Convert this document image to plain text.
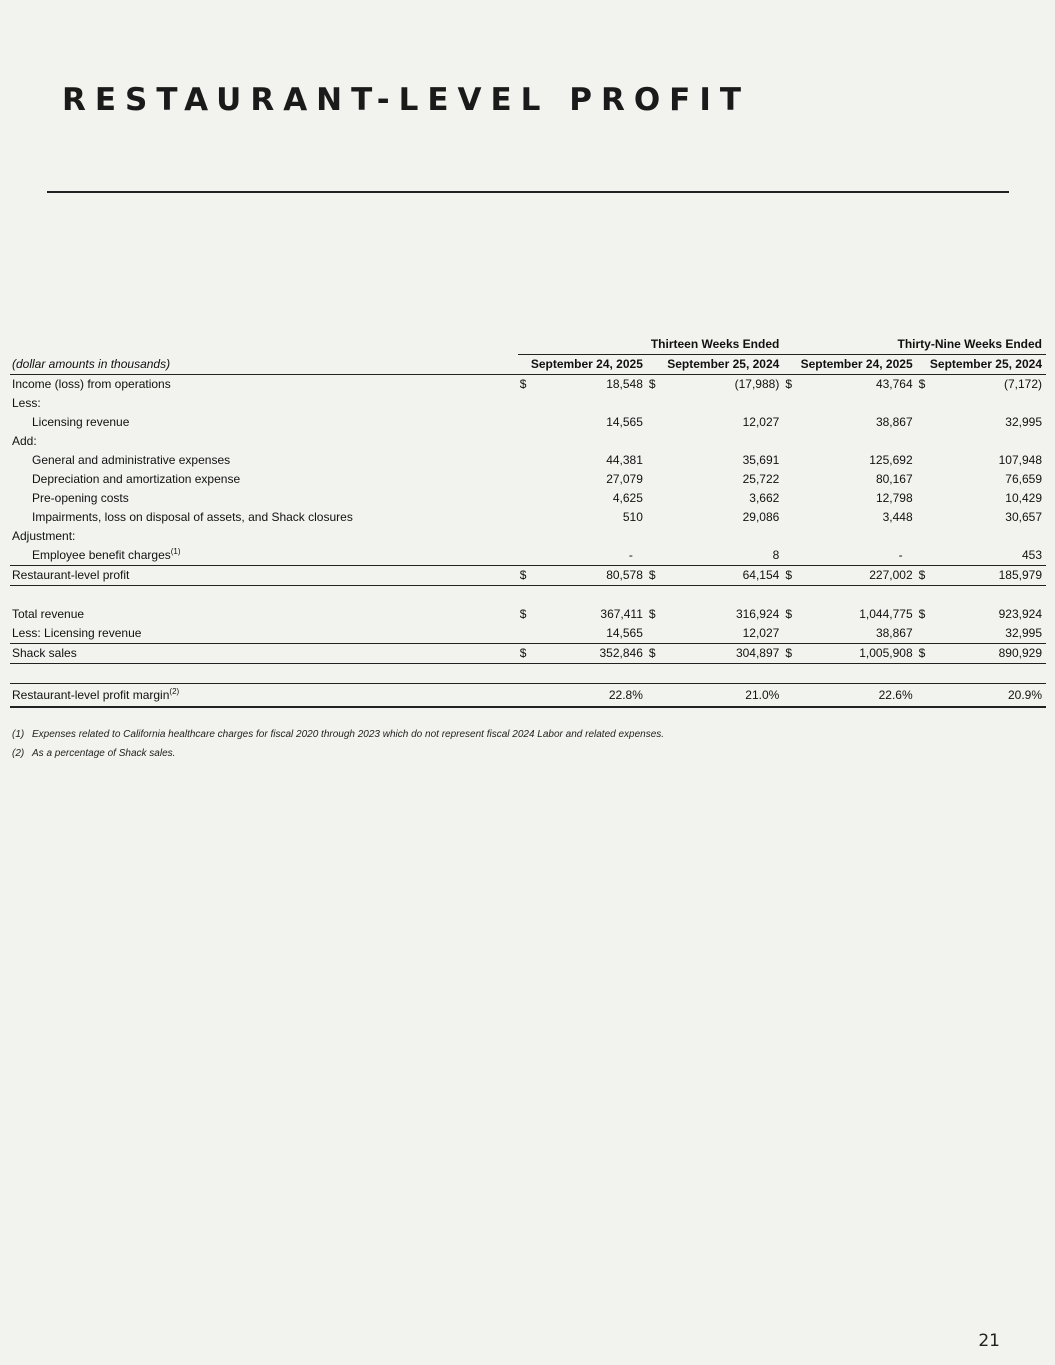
RESTAURANT-LEVEL PROFIT
	Thirteen Weeks Ended				Thirty-Nine Weeks Ended			
(dollar amounts in thousands)	September 24, 2025		September 25, 2024		September 24, 2025		September 25, 2024	
Income (loss) from operations	$	18,548	$	(17,988)	$	43,764	$	(7,172)
Less:								
Licensing revenue		14,565		12,027		38,867		32,995
Add:								
General and administrative expenses		44,381		35,691		125,692		107,948
Depreciation and amortization expense		27,079		25,722		80,167		76,659
Pre-opening costs		4,625		3,662		12,798		10,429
Impairments, loss on disposal of assets, and Shack closures		510		29,086		3,448		30,657
Adjustment:								
Employee benefit charges$^{(1)}$		-		8		-		453
Restaurant-level profit	$	80,578	$	64,154	$	227,002	$	185,979

Total revenue	$	367,411	$	316,924	$	1,044,775	$	923,924
Less: Licensing revenue		14,565		12,027		38,867		32,995
Shack sales	$	352,846	$	304,897	$	1,005,908	$	890,929

Restaurant-level profit margin$^{(2)}$		22.8%		21.0%		22.6%		20.9%
(1) Expenses related to California healthcare charges for fiscal 2020 through 2023 which do not represent fiscal 2024 Labor and related expenses.
(2) As a percentage of Shack sales.
21
